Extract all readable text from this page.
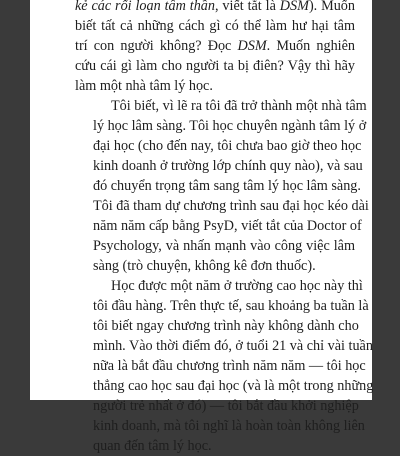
kẻ các rối loạn tâm thần, viết tắt là DSM). Muốn
biết tất cả những cách gì có thể làm hư hại tâm
trí con người không? Đọc DSM. Muốn nghiên
cứu cái gì làm cho người ta bị điên? Vậy thì hãy
làm một nhà tâm lý học.

Tôi biết, vì lẽ ra tôi đã trở thành một nhà tâm
lý học lâm sàng. Tôi học chuyên ngành tâm lý ở
đại học (cho đến nay, tôi chưa bao giờ theo học
kinh doanh ở trường lớp chính quy nào), và sau
đó chuyển trọng tâm sang tâm lý học lâm sàng.
Tôi đã tham dự chương trình sau đại học kéo dài
năm năm cấp bằng PsyD, viết tắt của Doctor of
Psychology, và nhấn mạnh vào công việc lâm
sàng (trò chuyện, không kê đơn thuốc).

Học được một năm ở trường cao học này thì
tôi đầu hàng. Trên thực tế, sau khoảng ba tuần là
tôi biết ngay chương trình này không dành cho
mình. Vào thời điểm đó, ở tuổi 21 và chỉ vài tuần
nữa là bắt đầu chương trình năm năm — tôi học
thẳng cao học sau đại học (và là một trong những
người trẻ nhất ở đó) — tôi bắt đầu khởi nghiệp
kinh doanh, mà tôi nghĩ là hoàn toàn không liên
quan đến tâm lý học.
